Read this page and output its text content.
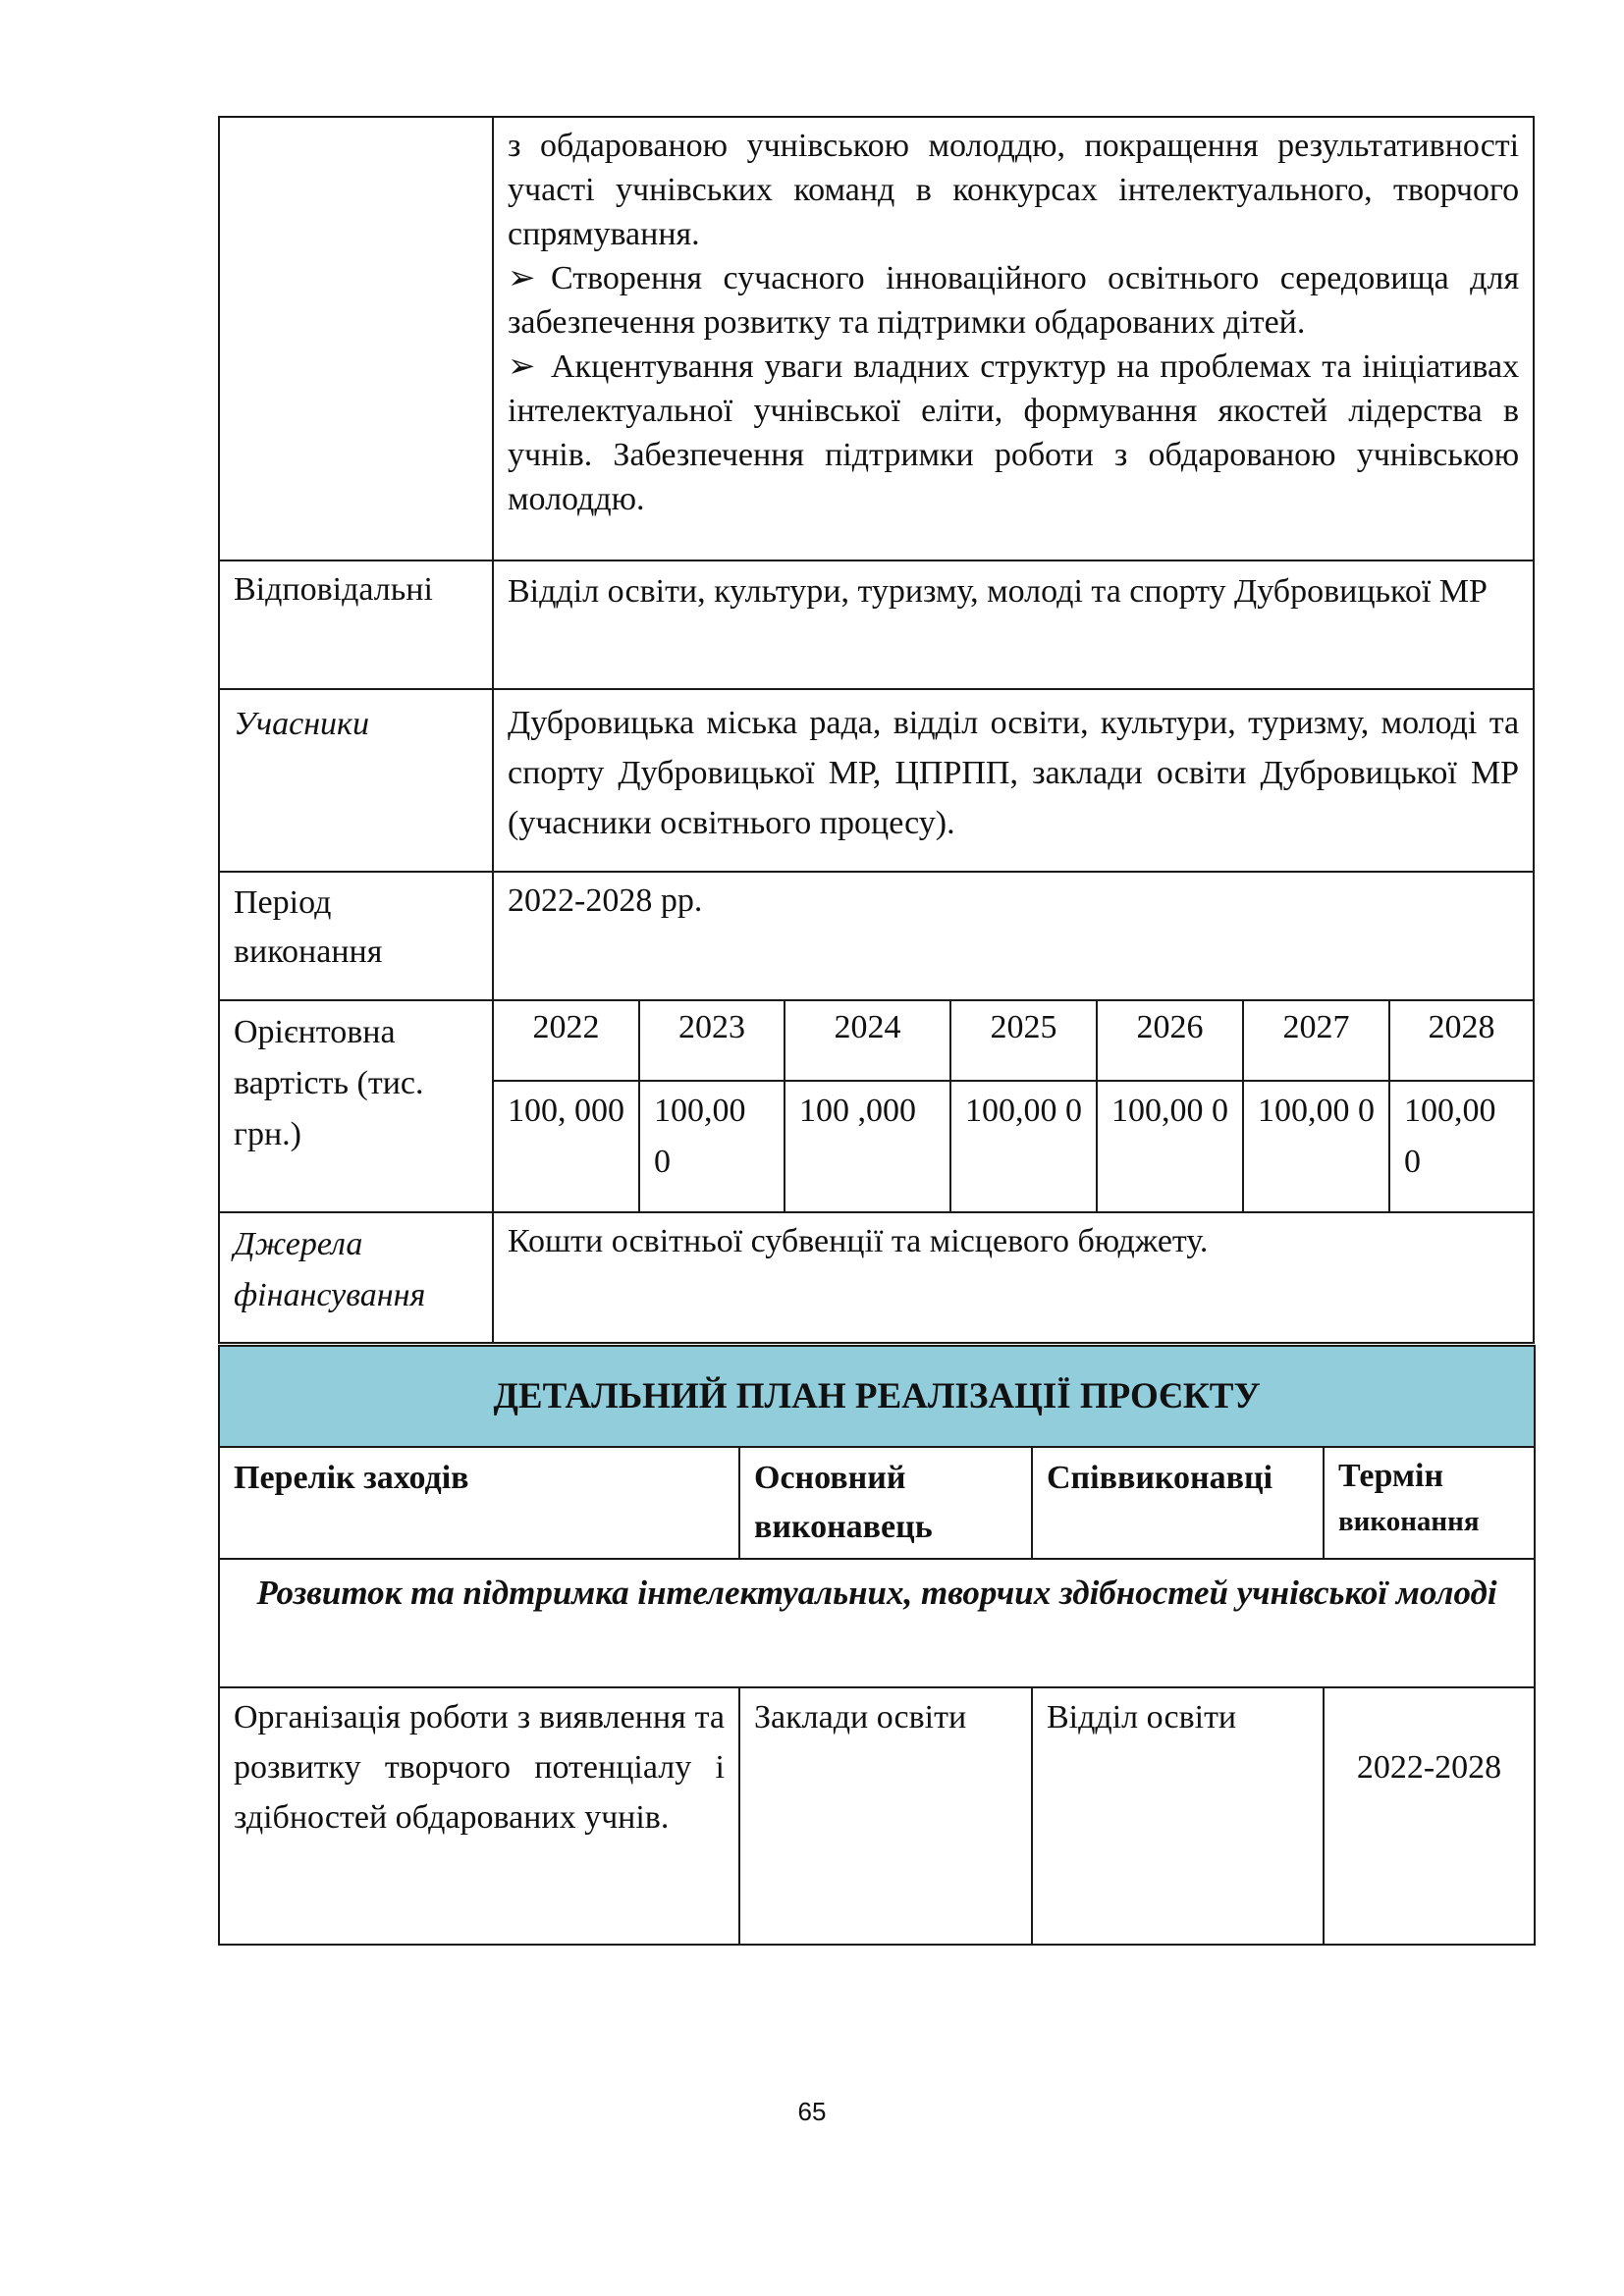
	з обдарованою учнівською молоддю, покращення результативності участі учнівських команд в конкурсах інтелектуального, творчого спрямування.

➢ Створення сучасного інноваційного освітнього середовища для забезпечення розвитку та підтримки обдарованих дітей.

➢ Акцентування уваги владних структур на проблемах та ініціативах інтелектуальної учнівської еліти, формування якостей лідерства в учнів. Забезпечення підтримки роботи з обдарованою учнівською молоддю.						

Відповідальні	Відділ освіти, культури, туризму, молоді та спорту Дубровицької МР						
Учасники	Дубровицька міська рада, відділ освіти, культури, туризму, молоді та спорту Дубровицької МР, ЦПРПП, заклади освіти Дубровицької МР (учасники освітнього процесу).						
Період виконання	2022-2028 рр.						
Орієнтовна вартість (тис. грн.)	2022	2023	2024	2025	2026	2027	2028
	100, 000	100,00 0	100 ,000	100,00 0	100,00 0	100,00 0	100,00 0
Джерела фінансування	Кошти освітньої субвенції та місцевого бюджету.						
ДЕТАЛЬНИЙ ПЛАН РЕАЛІЗАЦІЇ ПРОЄКТУ			
Перелік заходів	Основний виконавець	Співвиконавці	Термін
виконання

Розвиток та підтримка інтелектуальних, творчих здібностей учнівської молоді			
Організація роботи з виявлення та розвитку творчого потенціалу і здібностей обдарованих учнів.	Заклади освіти	Відділ освіти	2022-2028
65
